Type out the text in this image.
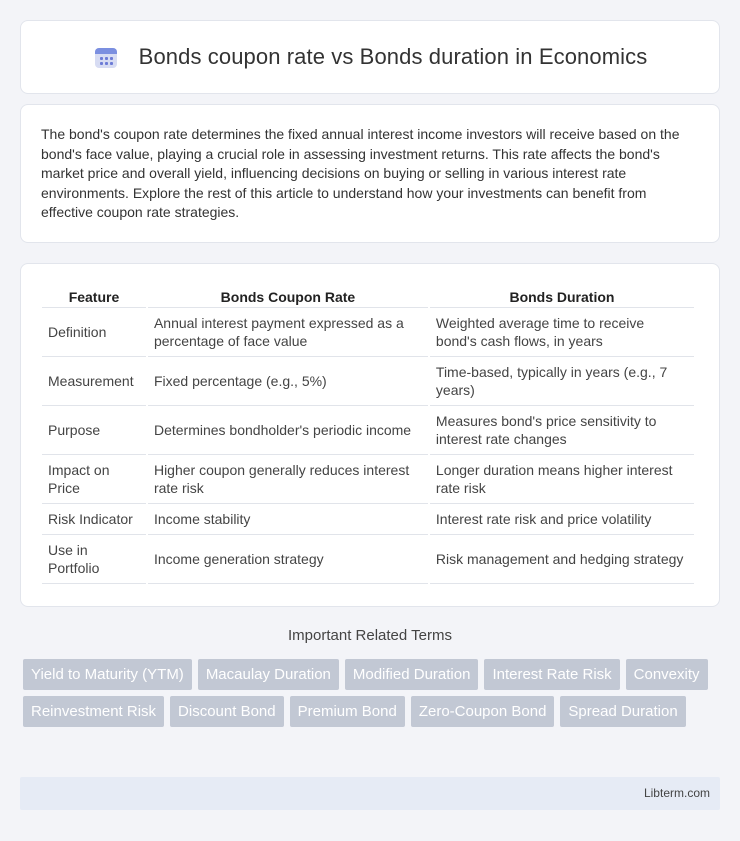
Bonds coupon rate vs Bonds duration in Economics

The bond's coupon rate determines the fixed annual interest income investors will receive based on the bond's face value, playing a crucial role in assessing investment returns. This rate affects the bond's market price and overall yield, influencing decisions on buying or selling in various interest rate environments. Explore the rest of this article to understand how your investments can benefit from effective coupon rate strategies.

Feature	Bonds Coupon Rate	Bonds Duration
Definition	Annual interest payment expressed as a percentage of face value	Weighted average time to receive bond's cash flows, in years
Measurement	Fixed percentage (e.g., 5%)	Time-based, typically in years (e.g., 7 years)
Purpose	Determines bondholder's periodic income	Measures bond's price sensitivity to interest rate changes
Impact on Price	Higher coupon generally reduces interest rate risk	Longer duration means higher interest rate risk
Risk Indicator	Income stability	Interest rate risk and price volatility
Use in Portfolio	Income generation strategy	Risk management and hedging strategy
Important Related Terms
Yield to Maturity (YTM)	Macaulay Duration	Modified Duration	Interest Rate Risk	Convexity
Reinvestment Risk	Discount Bond	Premium Bond	Zero-Coupon Bond	Spread Duration
Libterm.com
